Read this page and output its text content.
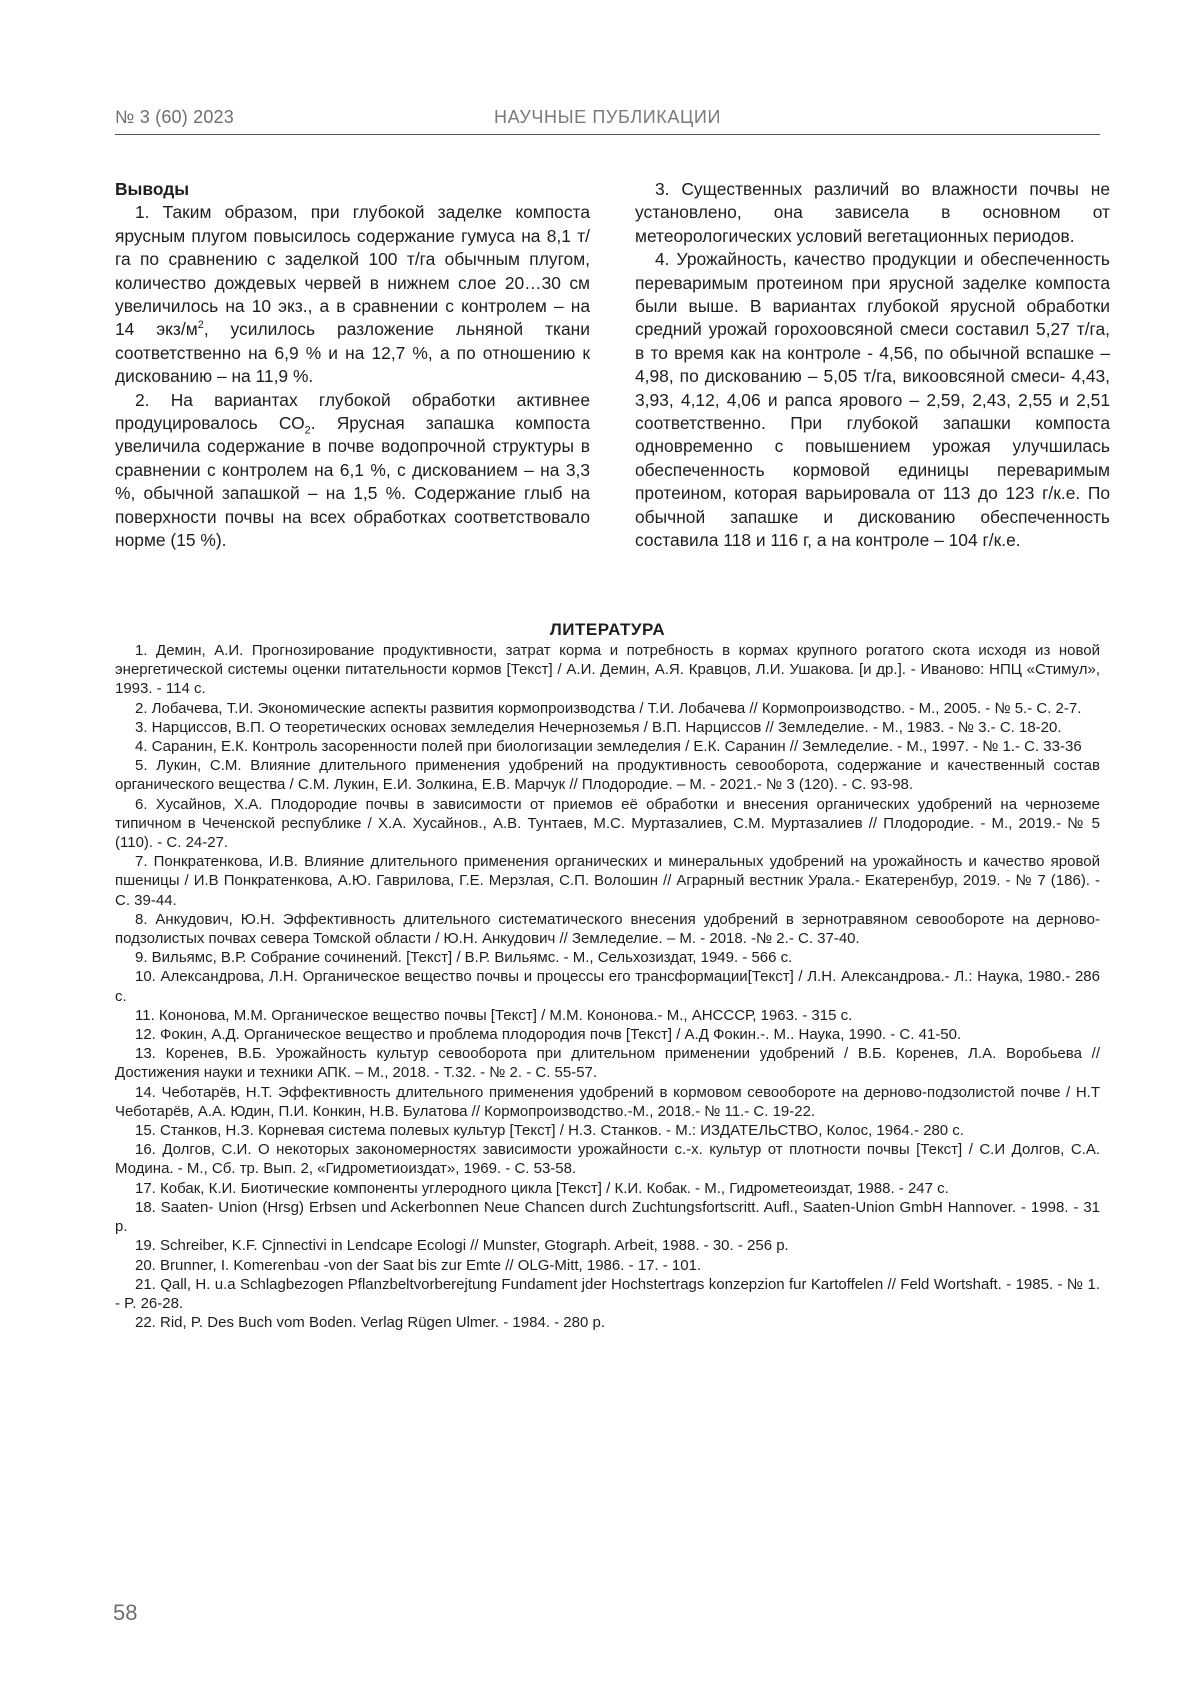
№ 3 (60) 2023	НАУЧНЫЕ ПУБЛИКАЦИИ
Выводы

1. Таким образом, при глубокой заделке компоста ярусным плугом повысилось содержание гумуса на 8,1 т/га по сравнению с заделкой 100 т/га обычным плугом, количество дождевых червей в нижнем слое 20…30 см увеличилось на 10 экз., а в сравнении с контролем – на 14 экз/$м^2$, усилилось разложение льняной ткани соответственно на 6,9 % и на 12,7 %, а по отношению к дискованию – на 11,9 %.

2. На вариантах глубокой обработки активнее продуцировалось $СО_2$. Ярусная запашка компоста увеличила содержание в почве водопрочной структуры в сравнении с контролем на 6,1 %, с дискованием – на 3,3 %, обычной запашкой – на 1,5 %. Содержание глыб на поверхности почвы на всех обработках соответствовало норме (15 %).

3. Существенных различий во влажности почвы не установлено, она зависела в основном от метеорологических условий вегетационных периодов.

4. Урожайность, качество продукции и обеспеченность переваримым протеином при ярусной заделке компоста были выше. В вариантах глубокой ярусной обработки средний урожай горохоовсяной смеси составил 5,27 т/га, в то время как на контроле - 4,56, по обычной вспашке – 4,98, по дискованию – 5,05 т/га, викоовсяной смеси- 4,43, 3,93, 4,12, 4,06 и рапса ярового – 2,59, 2,43, 2,55 и 2,51 соответственно. При глубокой запашки компоста одновременно с повышением урожая улучшилась обеспеченность кормовой единицы переваримым протеином, которая варьировала от 113 до 123 г/к.е. По обычной запашке и дискованию обеспеченность составила 118 и 116 г, а на контроле – 104 г/к.е.

ЛИТЕРАТУРА
1. Демин, А.И. Прогнозирование продуктивности, затрат корма и потребность в кормах крупного рогатого скота исходя из новой энергетической системы оценки питательности кормов [Текст] / А.И. Демин, А.Я. Кравцов, Л.И. Ушакова. [и др.]. - Иваново: НПЦ «Стимул», 1993. - 114 с.
2. Лобачева, Т.И. Экономические аспекты развития кормопроизводства / Т.И. Лобачева // Кормопроизводство. - М., 2005. - № 5.- С. 2-7.
3. Нарциссов, В.П. О теоретических основах земледелия Нечерноземья / В.П. Нарциссов // Земледелие. - М., 1983. - № 3.- С. 18-20.
4. Саранин, Е.К. Контроль засоренности полей при биологизации земледелия / Е.К. Саранин // Земледелие. - М., 1997. - № 1.- С. 33-36
5. Лукин, С.М. Влияние длительного применения удобрений на продуктивность севооборота, содержание и качественный состав органического вещества / С.М. Лукин, Е.И. Золкина, Е.В. Марчук // Плодородие. – М. - 2021.- № 3 (120). - С. 93-98.
6. Хусайнов, Х.А. Плодородие почвы в зависимости от приемов её обработки и внесения органических удобрений на черноземе типичном в Чеченской республике / Х.А. Хусайнов., А.В. Тунтаев, М.С. Муртазалиев, С.М. Муртазалиев // Плодородие. - М., 2019.- № 5 (110). - С. 24-27.
7. Понкратенкова, И.В. Влияние длительного применения органических и минеральных удобрений на урожайность и качество яровой пшеницы / И.В Понкратенкова, А.Ю. Гаврилова, Г.Е. Мерзлая, С.П. Волошин // Аграрный вестник Урала.- Екатеренбур, 2019. - № 7 (186). - С. 39-44.
8. Анкудович, Ю.Н. Эффективность длительного систематического внесения удобрений в зернотравяном севообороте на дерново-подзолистых почвах севера Томской области / Ю.Н. Анкудович // Земледелие. – М. - 2018. -№ 2.- С. 37-40.
9. Вильямс, В.Р. Собрание сочинений. [Текст] / В.Р. Вильямс. - М., Сельхозиздат, 1949. - 566 с.
10. Александрова, Л.Н. Органическое вещество почвы и процессы его трансформации[Текст] / Л.Н. Александрова.- Л.: Наука, 1980.- 286 с.
11. Кононова, М.М. Органическое вещество почвы [Текст] / М.М. Кононова.- М., АНСССР, 1963. - 315 с.
12. Фокин, А.Д. Органическое вещество и проблема плодородия почв [Текст] / А.Д Фокин.-. М.. Наука, 1990. - С. 41-50.
13. Коренев, В.Б. Урожайность культур севооборота при длительном применении удобрений / В.Б. Коренев, Л.А. Воробьева // Достижения науки и техники АПК. – М., 2018. - Т.32. - № 2. - С. 55-57.
14. Чеботарёв, Н.Т. Эффективность длительного применения удобрений в кормовом севообороте на дерново-подзолистой почве / Н.Т Чеботарёв, А.А. Юдин, П.И. Конкин, Н.В. Булатова // Кормопроизводство.-М., 2018.- № 11.- С. 19-22.
15. Станков, Н.З. Корневая система полевых культур [Текст] / Н.З. Станков. - М.: ИЗДАТЕЛЬСТВО, Колос, 1964.- 280 с.
16. Долгов, С.И. О некоторых закономерностях зависимости урожайности с.-х. культур от плотности почвы [Текст] / С.И Долгов, С.А. Модина. - М., Сб. тр. Вып. 2, «Гидрометиоиздат», 1969. - С. 53-58.
17. Кобак, К.И. Биотические компоненты углеродного цикла [Текст] / К.И. Кобак. - М., Гидрометеоиздат, 1988. - 247 с.
18. Saaten- Union (Hrsg) Erbsen und Ackerbonnen Neue Chancen durch Zuchtungsfortscritt. Aufl., Saaten-Union GmbH Hannover. - 1998. - 31 p.
19. Schreiber, K.F. Cjnnectivi in Lendcape Ecologi // Munster, Gtograph. Arbeit, 1988. - 30. - 256 p.
20. Brunner, I. Komerenbau -von der Saat bis zur Emte // OLG-Mitt, 1986. - 17. - 101.
21. Qall, H. u.a Schlagbezogen Pflanzbeltvorberejtung Fundament jder Hochstertrags konzepzion fur Kartoffelen // Feld Wortshaft. - 1985. - № 1. - P. 26-28.
22. Rid, P. Des Buch vom Boden. Verlag Rügen Ulmer. - 1984. - 280 p.
58
